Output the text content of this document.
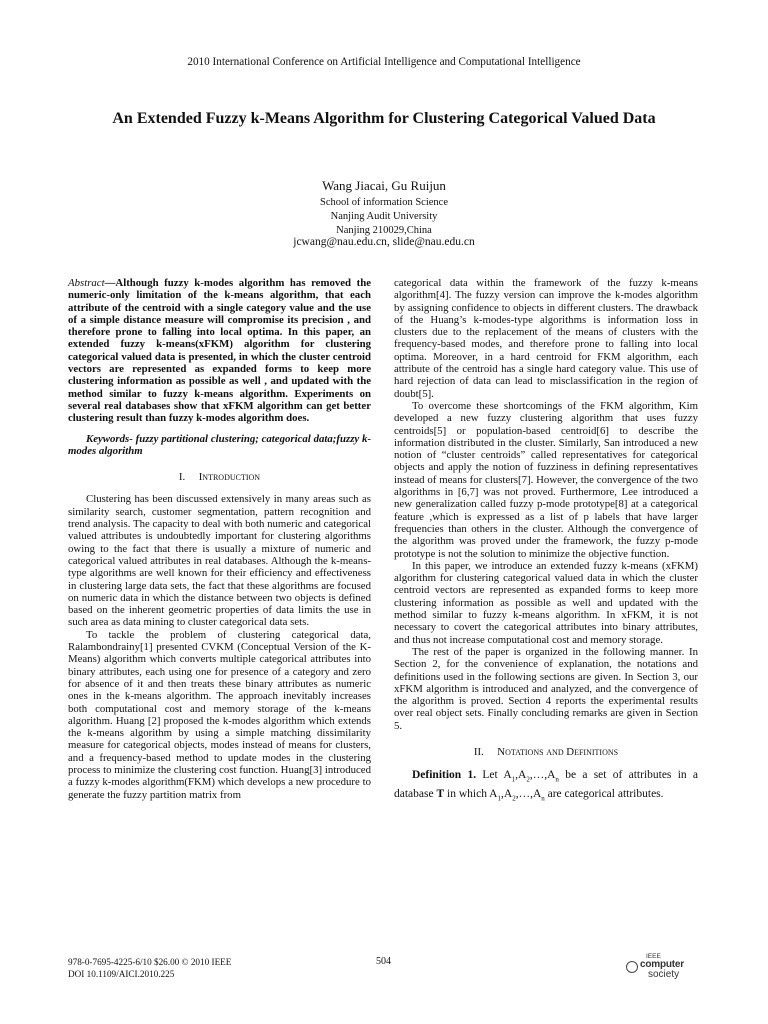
2010 International Conference on Artificial Intelligence and Computational Intelligence
An Extended Fuzzy k-Means Algorithm for Clustering Categorical Valued Data
Wang Jiacai, Gu Ruijun
School of information Science
Nanjing Audit University
Nanjing 210029,China
jcwang@nau.edu.cn, slide@nau.edu.cn

Abstract—Although fuzzy k-modes algorithm has removed the numeric-only limitation of the k-means algorithm, that each attribute of the centroid with a single category value and the use of a simple distance measure will compromise its precision , and therefore prone to falling into local optima. In this paper, an extended fuzzy k-means(xFKM) algorithm for clustering categorical valued data is presented, in which the cluster centroid vectors are represented as expanded forms to keep more clustering information as possible as well , and updated with the method similar to fuzzy k-means algorithm. Experiments on several real databases show that xFKM algorithm can get better clustering result than fuzzy k-modes algorithm does.

Keywords- fuzzy partitional clustering; categorical data;fuzzy k-modes algorithm

I. Introduction

Clustering has been discussed extensively in many areas such as similarity search, customer segmentation, pattern recognition and trend analysis. The capacity to deal with both numeric and categorical valued attributes is undoubtedly important for clustering algorithms owing to the fact that there is usually a mixture of numeric and categorical valued attributes in real databases. Although the k-means-type algorithms are well known for their efficiency and effectiveness in clustering large data sets, the fact that these algorithms are focused on numeric data in which the distance between two objects is defined based on the inherent geometric properties of data limits the use in such area as data mining to cluster categorical data sets.

To tackle the problem of clustering categorical data, Ralambondrainy[1] presented CVKM (Conceptual Version of the K-Means) algorithm which converts multiple categorical attributes into binary attributes, each using one for presence of a category and zero for absence of it and then treats these binary attributes as numeric ones in the k-means algorithm. The approach inevitably increases both computational cost and memory storage of the k-means algorithm. Huang [2] proposed the k-modes algorithm which extends the k-means algorithm by using a simple matching dissimilarity measure for categorical objects, modes instead of means for clusters, and a frequency-based method to update modes in the clustering process to minimize the clustering cost function. Huang[3] introduced a fuzzy k-modes algorithm(FKM) which develops a new procedure to generate the fuzzy partition matrix from

categorical data within the framework of the fuzzy k-means algorithm[4]. The fuzzy version can improve the k-modes algorithm by assigning confidence to objects in different clusters. The drawback of the Huang’s k-modes-type algorithms is information loss in clusters due to the replacement of the means of clusters with the frequency-based modes, and therefore prone to falling into local optima. Moreover, in a hard centroid for FKM algorithm, each attribute of the centroid has a single hard category value. This use of hard rejection of data can lead to misclassification in the region of doubt[5].

To overcome these shortcomings of the FKM algorithm, Kim developed a new fuzzy clustering algorithm that uses fuzzy centroids[5] or population-based centroid[6] to describe the information distributed in the cluster. Similarly, San introduced a new notion of “cluster centroids” called representatives for categorical objects and apply the notion of fuzziness in defining representatives instead of means for clusters[7]. However, the convergence of the two algorithms in [6,7] was not proved. Furthermore, Lee introduced a new generalization called fuzzy p-mode prototype[8] at a categorical feature ,which is expressed as a list of p labels that have larger frequencies than others in the cluster. Although the convergence of the algorithm was proved under the framework, the fuzzy p-mode prototype is not the solution to minimize the objective function.

In this paper, we introduce an extended fuzzy k-means (xFKM) algorithm for clustering categorical valued data in which the cluster centroid vectors are represented as expanded forms to keep more clustering information as possible as well and updated with the method similar to fuzzy k-means algorithm. In xFKM, it is not necessary to covert the categorical attributes into binary attributes, and thus not increase computational cost and memory storage.

The rest of the paper is organized in the following manner. In Section 2, for the convenience of explanation, the notations and definitions used in the following sections are given. In Section 3, our xFKM algorithm is introduced and analyzed, and the convergence of the algorithm is proved. Section 4 reports the experimental results over real object sets. Finally concluding remarks are given in Section 5.

II. Notations and Definitions

Definition 1. Let $A_1,A_2,\dots,A_n$ be a set of attributes in a database T in which $A_1,A_2,\dots,A_n$ are categorical attributes.

978-0-7695-4225-6/10 $26.00 © 2010 IEEE
DOI 10.1109/AICI.2010.225
504	IEEE
computer
society
